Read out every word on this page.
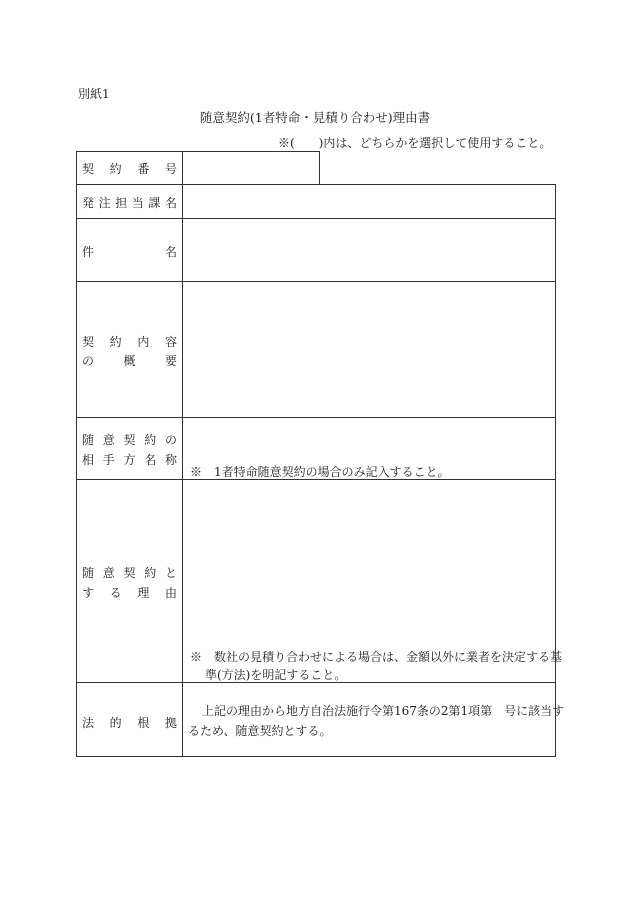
別紙1
随意契約(1者特命・見積り合わせ)理由書
※(　　)内は、どちらかを選択して使用すること。
契 約 番 号
発 注 担 当 課 名
件	名
契 約 内 容
の 概 要
随 意 契 約 の
相 手 方 名 称
※　1者特命随意契約の場合のみ記入すること。
随 意 契 約 と
す る 理 由
※　数社の見積り合わせによる場合は、金額以外に業者を決定する基
準(方法)を明記すること。
法 的 根 拠
上記の理由から地方自治法施行令第167条の2第1項第　号に該当す
るため、随意契約とする。
